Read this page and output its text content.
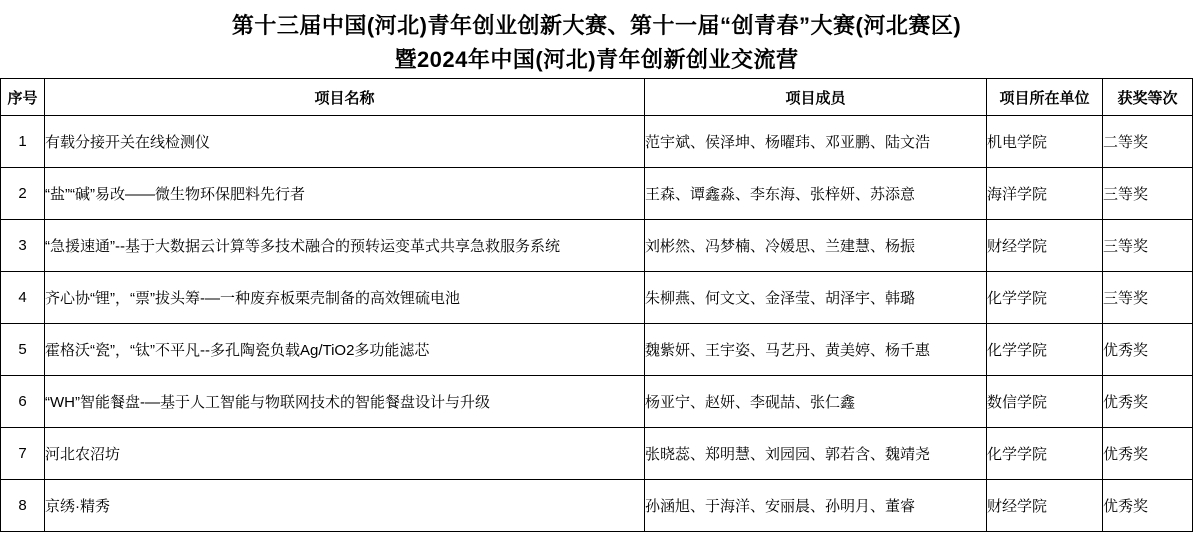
第十三届中国(河北)青年创业创新大赛、第十一届“创青春”大赛(河北赛区)
暨2024年中国(河北)青年创新创业交流营
序号	项目名称	项目成员	项目所在单位	获奖等次
1	有载分接开关在线检测仪	范宇斌、侯泽坤、杨曜玮、邓亚鹏、陆文浩	机电学院	二等奖
2	“盐”“碱”易改——微生物环保肥料先行者	王森、谭鑫淼、李东海、张梓妍、苏添意	海洋学院	三等奖
3	“急援速通”--基于大数据云计算等多技术融合的预转运变革式共享急救服务系统	刘彬然、冯梦楠、冷媛思、兰建慧、杨振	财经学院	三等奖
4	齐心协“锂”，“票”拔头筹-—一种废弃板栗壳制备的高效锂硫电池	朱柳燕、何文文、金泽莹、胡泽宇、韩璐	化学学院	三等奖
5	霍格沃“瓷”，“钛”不平凡--多孔陶瓷负载Ag/TiO2多功能滤芯	魏紫妍、王宇姿、马艺丹、黄美婷、杨千惠	化学学院	优秀奖
6	“WH”智能餐盘-—基于人工智能与物联网技术的智能餐盘设计与升级	杨亚宁、赵妍、李砚喆、张仁鑫	数信学院	优秀奖
7	河北农沼坊	张晓蕊、郑明慧、刘园园、郭若含、魏靖尧	化学学院	优秀奖
8	京绣·精秀	孙涵旭、于海洋、安丽晨、孙明月、董睿	财经学院	优秀奖
